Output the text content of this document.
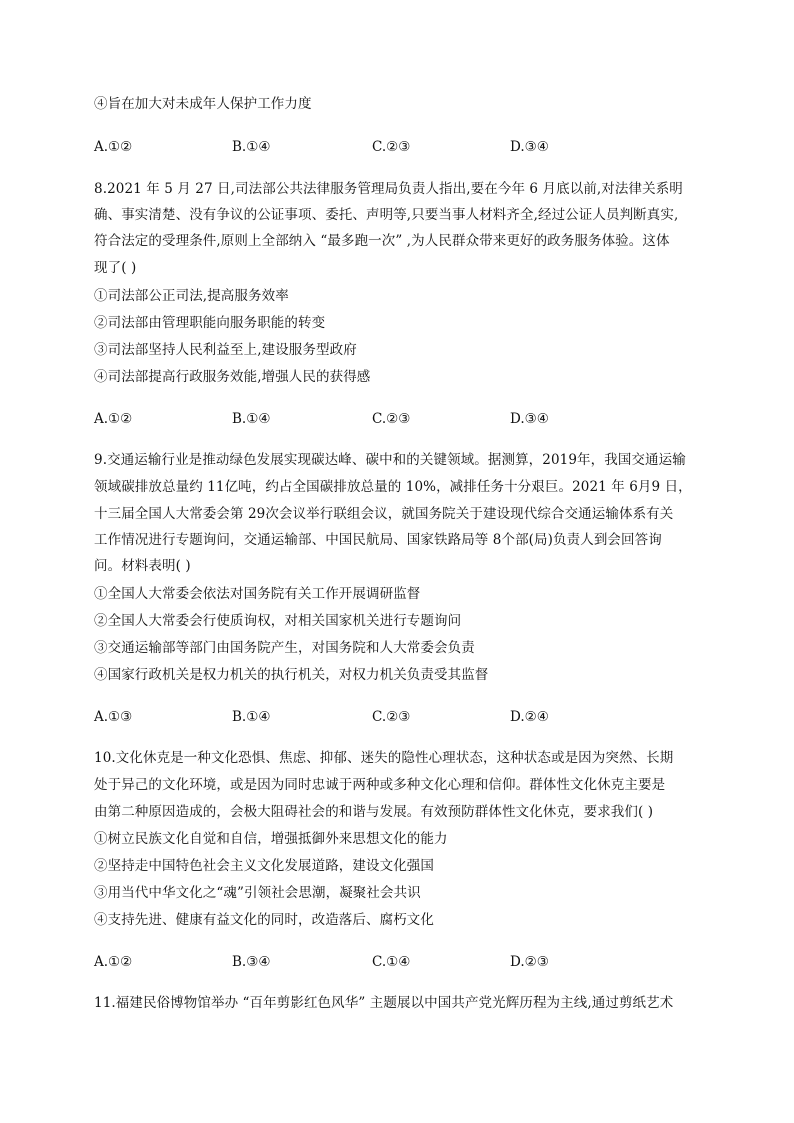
④旨在加大对未成年人保护工作力度
A.①②	B.①④	C.②③	D.③④
8.2021 年 5 月 27 日,司法部公共法律服务管理局负责人指出,要在今年 6 月底以前,对法律关系明
确、事实清楚、没有争议的公证事项、委托、声明等,只要当事人材料齐全,经过公证人员判断真实,
符合法定的受理条件,原则上全部纳入 “最多跑一次” ,为人民群众带来更好的政务服务体验。这体
现了( )
①司法部公正司法,提高服务效率
②司法部由管理职能向服务职能的转变
③司法部坚持人民利益至上,建设服务型政府
④司法部提高行政服务效能,增强人民的获得感
A.①②	B.①④	C.②③	D.③④
9.交通运输行业是推动绿色发展实现碳达峰、碳中和的关键领域。据测算，2019年，我国交通运输
领域碳排放总量约 11亿吨，约占全国碳排放总量的 10%，减排任务十分艰巨。2021 年 6月9 日，
十三届全国人大常委会第 29次会议举行联组会议，就国务院关于建设现代综合交通运输体系有关
工作情况进行专题询问，交通运输部、中国民航局、国家铁路局等 8个部(局)负责人到会回答询
问。材料表明( )
①全国人大常委会依法对国务院有关工作开展调研监督
②全国人大常委会行使质询权，对相关国家机关进行专题询问
③交通运输部等部门由国务院产生，对国务院和人大常委会负责
④国家行政机关是权力机关的执行机关，对权力机关负责受其监督
A.①③	B.①④	C.②③	D.②④
10.文化休克是一种文化恐惧、焦虑、抑郁、迷失的隐性心理状态，这种状态或是因为突然、长期
处于异己的文化环境，或是因为同时忠诚于两种或多种文化心理和信仰。群体性文化休克主要是
由第二种原因造成的，会极大阻碍社会的和谐与发展。有效预防群体性文化休克，要求我们( )
①树立民族文化自觉和自信，增强抵御外来思想文化的能力
②坚持走中国特色社会主义文化发展道路，建设文化强国
③用当代中华文化之“魂”引领社会思潮，凝聚社会共识
④支持先进、健康有益文化的同时，改造落后、腐朽文化
A.①②	B.③④	C.①④	D.②③
11.福建民俗博物馆举办 “百年剪影红色风华” 主题展以中国共产党光辉历程为主线,通过剪纸艺术
